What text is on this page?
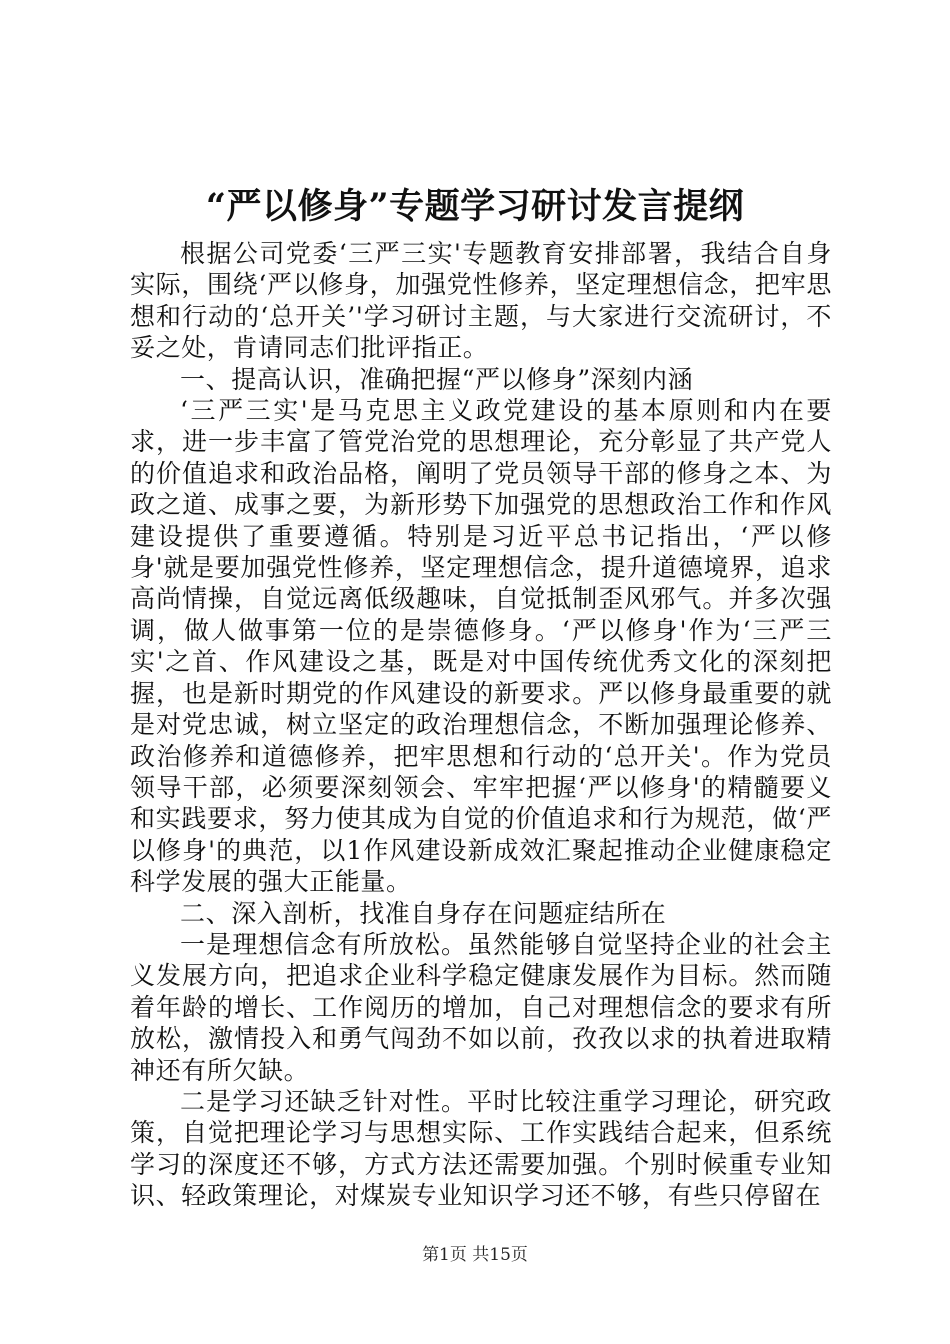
“严以修身”专题学习研讨发言提纲

根据公司党委‘三严三实'专题教育安排部署，我结合自身实际，围绕‘严以修身，加强党性修养，坚定理想信念，把牢思想和行动的‘总开关’'学习研讨主题，与大家进行交流研讨，不妥之处，肯请同志们批评指正。

一、提高认识，准确把握“严以修身”深刻内涵

‘三严三实'是马克思主义政党建设的基本原则和内在要求，进一步丰富了管党治党的思想理论，充分彰显了共产党人的价值追求和政治品格，阐明了党员领导干部的修身之本、为政之道、成事之要，为新形势下加强党的思想政治工作和作风建设提供了重要遵循。特别是习近平总书记指出，‘严以修身'就是要加强党性修养，坚定理想信念，提升道德境界，追求高尚情操，自觉远离低级趣味，自觉抵制歪风邪气。并多次强调，做人做事第一位的是崇德修身。‘严以修身'作为‘三严三实'之首、作风建设之基，既是对中国传统优秀文化的深刻把握，也是新时期党的作风建设的新要求。严以修身最重要的就是对党忠诚，树立坚定的政治理想信念，不断加强理论修养、政治修养和道德修养，把牢思想和行动的‘总开关'。作为党员领导干部，必须要深刻领会、牢牢把握‘严以修身'的精髓要义和实践要求，努力使其成为自觉的价值追求和行为规范，做‘严以修身'的典范，以1作风建设新成效汇聚起推动企业健康稳定科学发展的强大正能量。

二、深入剖析，找准自身存在问题症结所在

一是理想信念有所放松。虽然能够自觉坚持企业的社会主义发展方向，把追求企业科学稳定健康发展作为目标。然而随着年龄的增长、工作阅历的增加，自己对理想信念的要求有所放松，激情投入和勇气闯劲不如以前，孜孜以求的执着进取精神还有所欠缺。

二是学习还缺乏针对性。平时比较注重学习理论，研究政策，自觉把理论学习与思想实际、工作实践结合起来，但系统学习的深度还不够，方式方法还需要加强。个别时候重专业知识、轻政策理论，对煤炭专业知识学习还不够，有些只停留在

第1页 共15页
